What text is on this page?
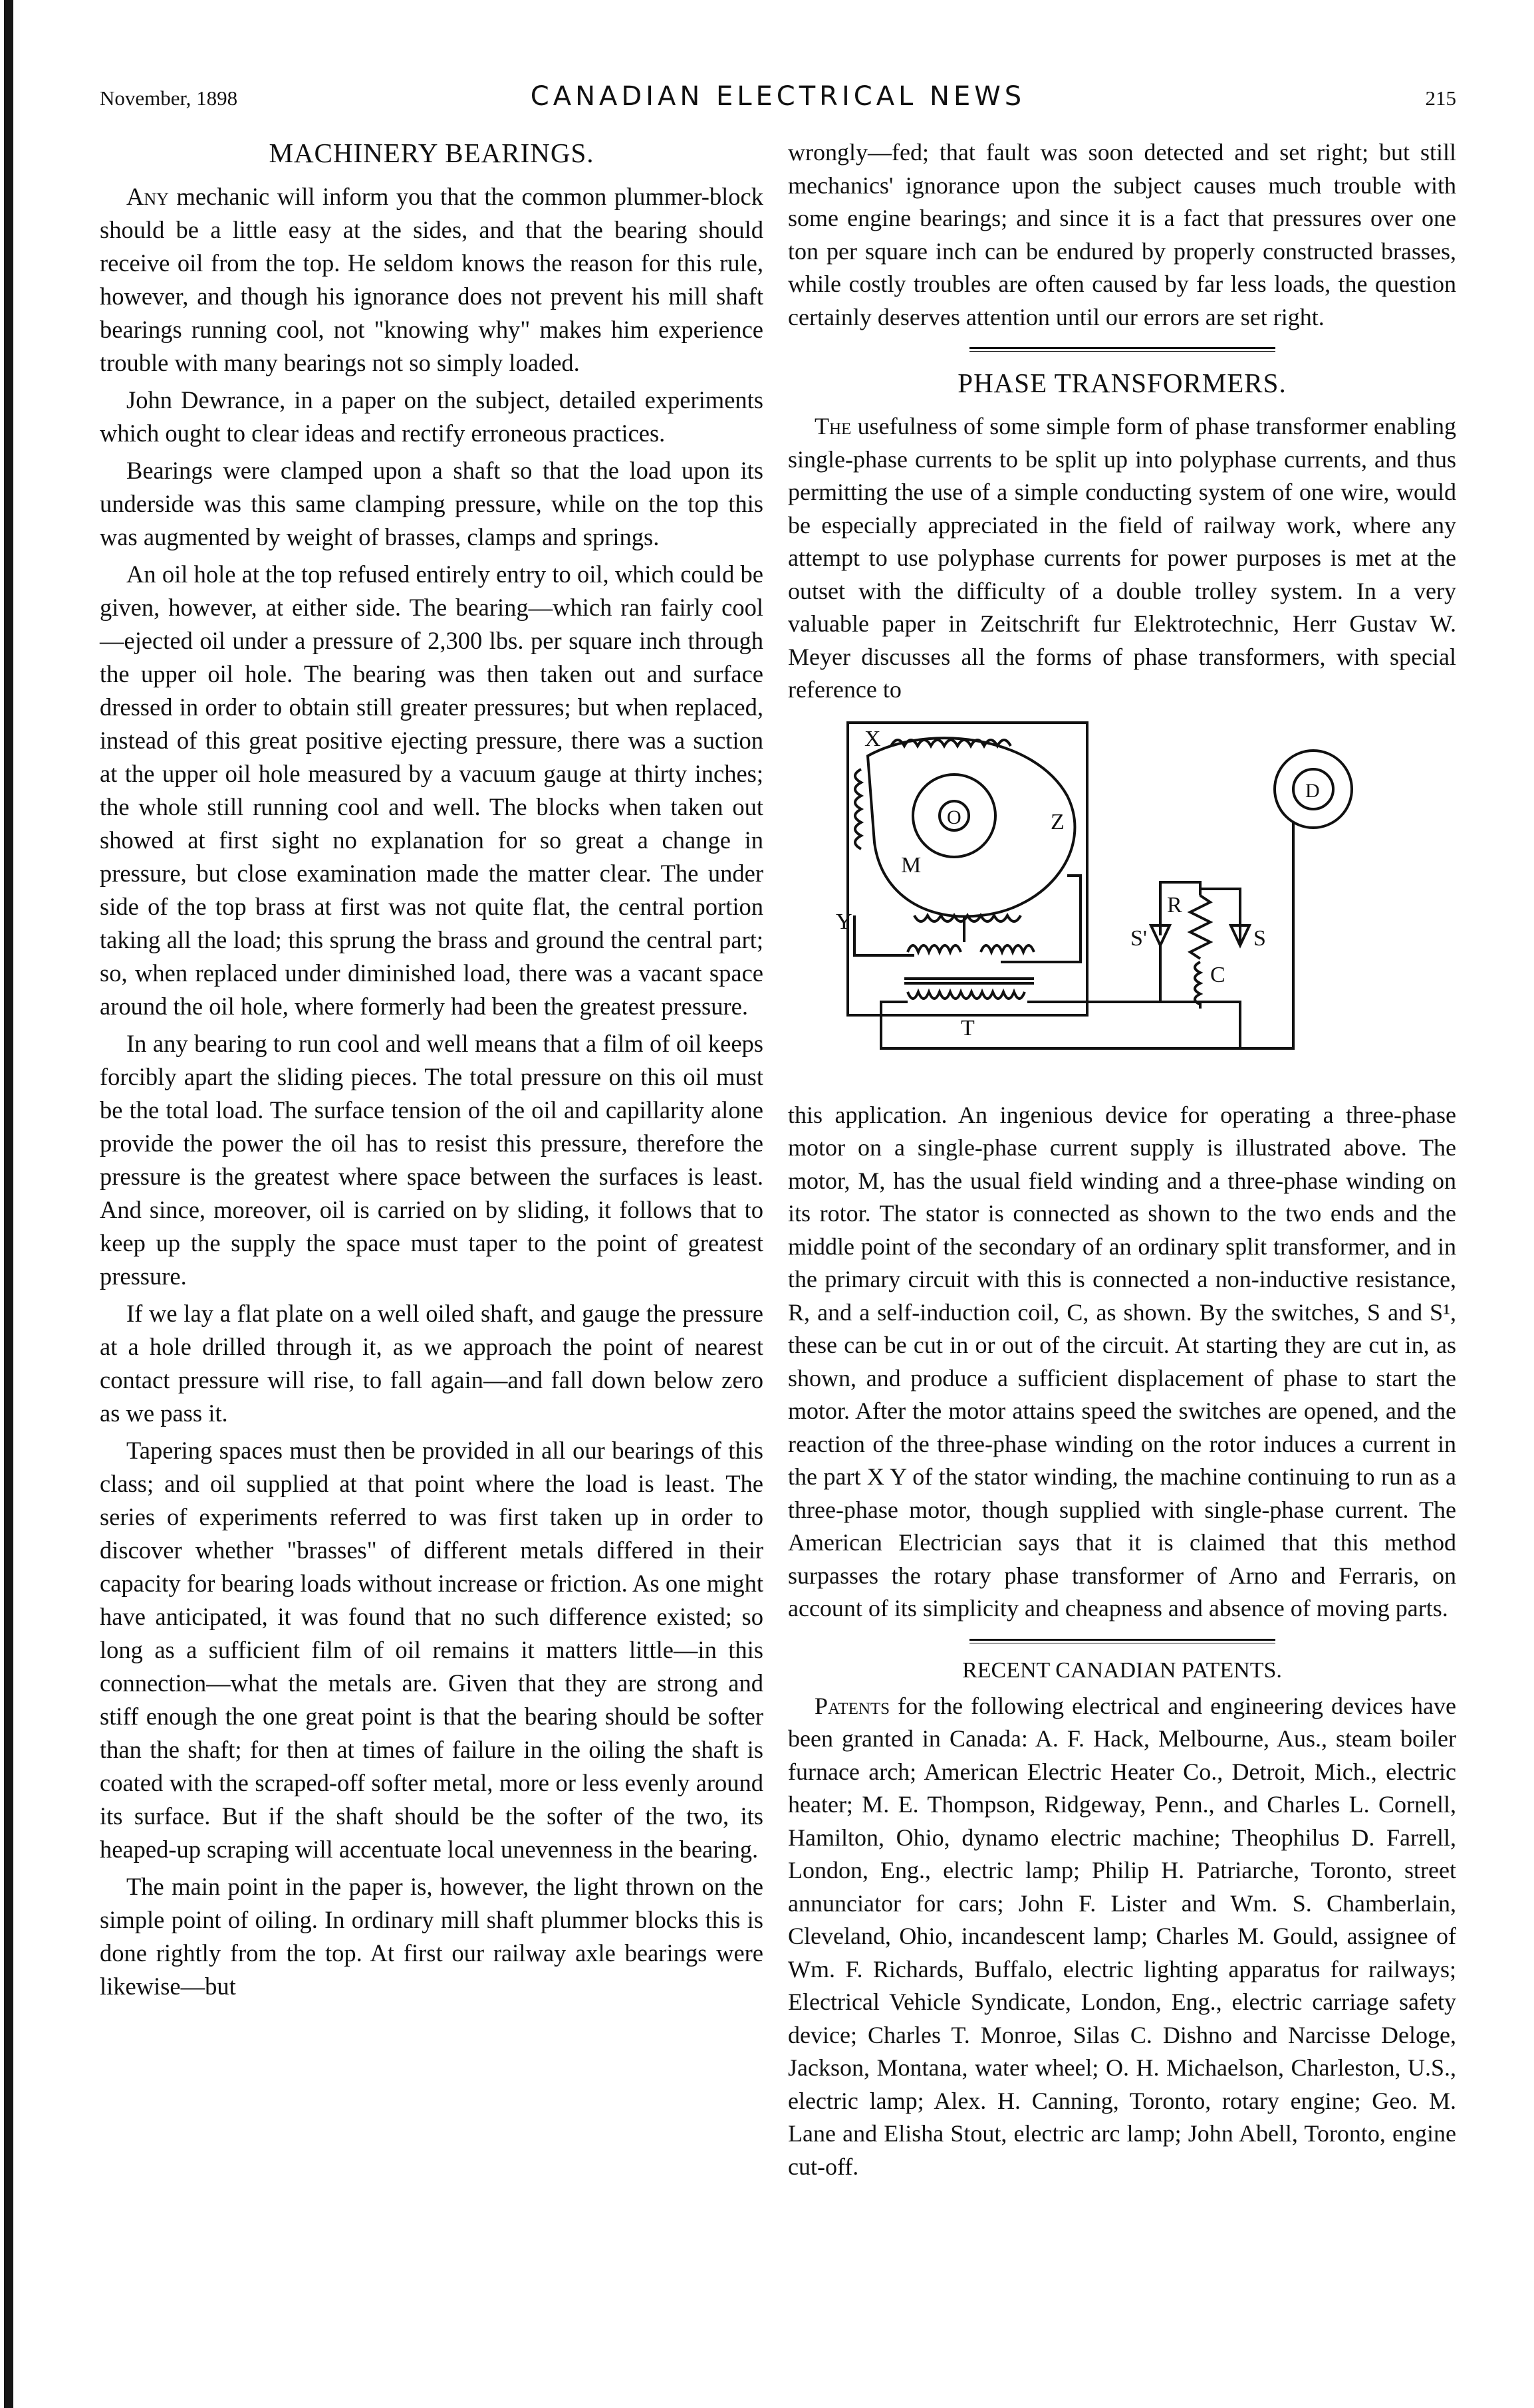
November, 1898	CANADIAN ELECTRICAL NEWS	215
MACHINERY BEARINGS.

Any mechanic will inform you that the common plummer-block should be a little easy at the sides, and that the bearing should receive oil from the top. He seldom knows the reason for this rule, however, and though his ignorance does not prevent his mill shaft bearings running cool, not "knowing why" makes him experience trouble with many bearings not so simply loaded.

John Dewrance, in a paper on the subject, detailed experiments which ought to clear ideas and rectify erroneous practices.

Bearings were clamped upon a shaft so that the load upon its underside was this same clamping pressure, while on the top this was augmented by weight of brasses, clamps and springs.

An oil hole at the top refused entirely entry to oil, which could be given, however, at either side. The bearing—which ran fairly cool—ejected oil under a pressure of 2,300 lbs. per square inch through the upper oil hole. The bearing was then taken out and surface dressed in order to obtain still greater pressures; but when replaced, instead of this great positive ejecting pressure, there was a suction at the upper oil hole measured by a vacuum gauge at thirty inches; the whole still running cool and well. The blocks when taken out showed at first sight no explanation for so great a change in pressure, but close examination made the matter clear. The under side of the top brass at first was not quite flat, the central portion taking all the load; this sprung the brass and ground the central part; so, when replaced under diminished load, there was a vacant space around the oil hole, where formerly had been the greatest pressure.

In any bearing to run cool and well means that a film of oil keeps forcibly apart the sliding pieces. The total pressure on this oil must be the total load. The surface tension of the oil and capillarity alone provide the power the oil has to resist this pressure, therefore the pressure is the greatest where space between the surfaces is least. And since, moreover, oil is carried on by sliding, it follows that to keep up the supply the space must taper to the point of greatest pressure.

If we lay a flat plate on a well oiled shaft, and gauge the pressure at a hole drilled through it, as we approach the point of nearest contact pressure will rise, to fall again—and fall down below zero as we pass it.

Tapering spaces must then be provided in all our bearings of this class; and oil supplied at that point where the load is least. The series of experiments referred to was first taken up in order to discover whether "brasses" of different metals differed in their capacity for bearing loads without increase or friction. As one might have anticipated, it was found that no such difference existed; so long as a sufficient film of oil remains it matters little—in this connection—what the metals are. Given that they are strong and stiff enough the one great point is that the bearing should be softer than the shaft; for then at times of failure in the oiling the shaft is coated with the scraped-off softer metal, more or less evenly around its surface. But if the shaft should be the softer of the two, its heaped-up scraping will accentuate local unevenness in the bearing.

The main point in the paper is, however, the light thrown on the simple point of oiling. In ordinary mill shaft plummer blocks this is done rightly from the top. At first our railway axle bearings were likewise—but

wrongly—fed; that fault was soon detected and set right; but still mechanics' ignorance upon the subject causes much trouble with some engine bearings; and since it is a fact that pressures over one ton per square inch can be endured by properly constructed brasses, while costly troubles are often caused by far less loads, the question certainly deserves attention until our errors are set right.

PHASE TRANSFORMERS.

The usefulness of some simple form of phase transformer enabling single-phase currents to be split up into polyphase currents, and thus permitting the use of a simple conducting system of one wire, would be especially appreciated in the field of railway work, where any attempt to use polyphase currents for power purposes is met at the outset with the difficulty of a double trolley system. In a very valuable paper in Zeitschrift fur Elektrotechnic, Herr Gustav W. Meyer discusses all the forms of phase transformers, with special reference to

X
Z
M
Y
O
D
R
S'	S
C
T

this application. An ingenious device for operating a three-phase motor on a single-phase current supply is illustrated above. The motor, M, has the usual field winding and a three-phase winding on its rotor. The stator is connected as shown to the two ends and the middle point of the secondary of an ordinary split transformer, and in the primary circuit with this is connected a non-inductive resistance, R, and a self-induction coil, C, as shown. By the switches, S and S¹, these can be cut in or out of the circuit. At starting they are cut in, as shown, and produce a sufficient displacement of phase to start the motor. After the motor attains speed the switches are opened, and the reaction of the three-phase winding on the rotor induces a current in the part X Y of the stator winding, the machine continuing to run as a three-phase motor, though supplied with single-phase current. The American Electrician says that it is claimed that this method surpasses the rotary phase transformer of Arno and Ferraris, on account of its simplicity and cheapness and absence of moving parts.

RECENT CANADIAN PATENTS.

Patents for the following electrical and engineering devices have been granted in Canada: A. F. Hack, Melbourne, Aus., steam boiler furnace arch; American Electric Heater Co., Detroit, Mich., electric heater; M. E. Thompson, Ridgeway, Penn., and Charles L. Cornell, Hamilton, Ohio, dynamo electric machine; Theophilus D. Farrell, London, Eng., electric lamp; Philip H. Patriarche, Toronto, street annunciator for cars; John F. Lister and Wm. S. Chamberlain, Cleveland, Ohio, incandescent lamp; Charles M. Gould, assignee of Wm. F. Richards, Buffalo, electric lighting apparatus for railways; Electrical Vehicle Syndicate, London, Eng., electric carriage safety device; Charles T. Monroe, Silas C. Dishno and Narcisse Deloge, Jackson, Montana, water wheel; O. H. Michaelson, Charleston, U.S., electric lamp; Alex. H. Canning, Toronto, rotary engine; Geo. M. Lane and Elisha Stout, electric arc lamp; John Abell, Toronto, engine cut-off.
